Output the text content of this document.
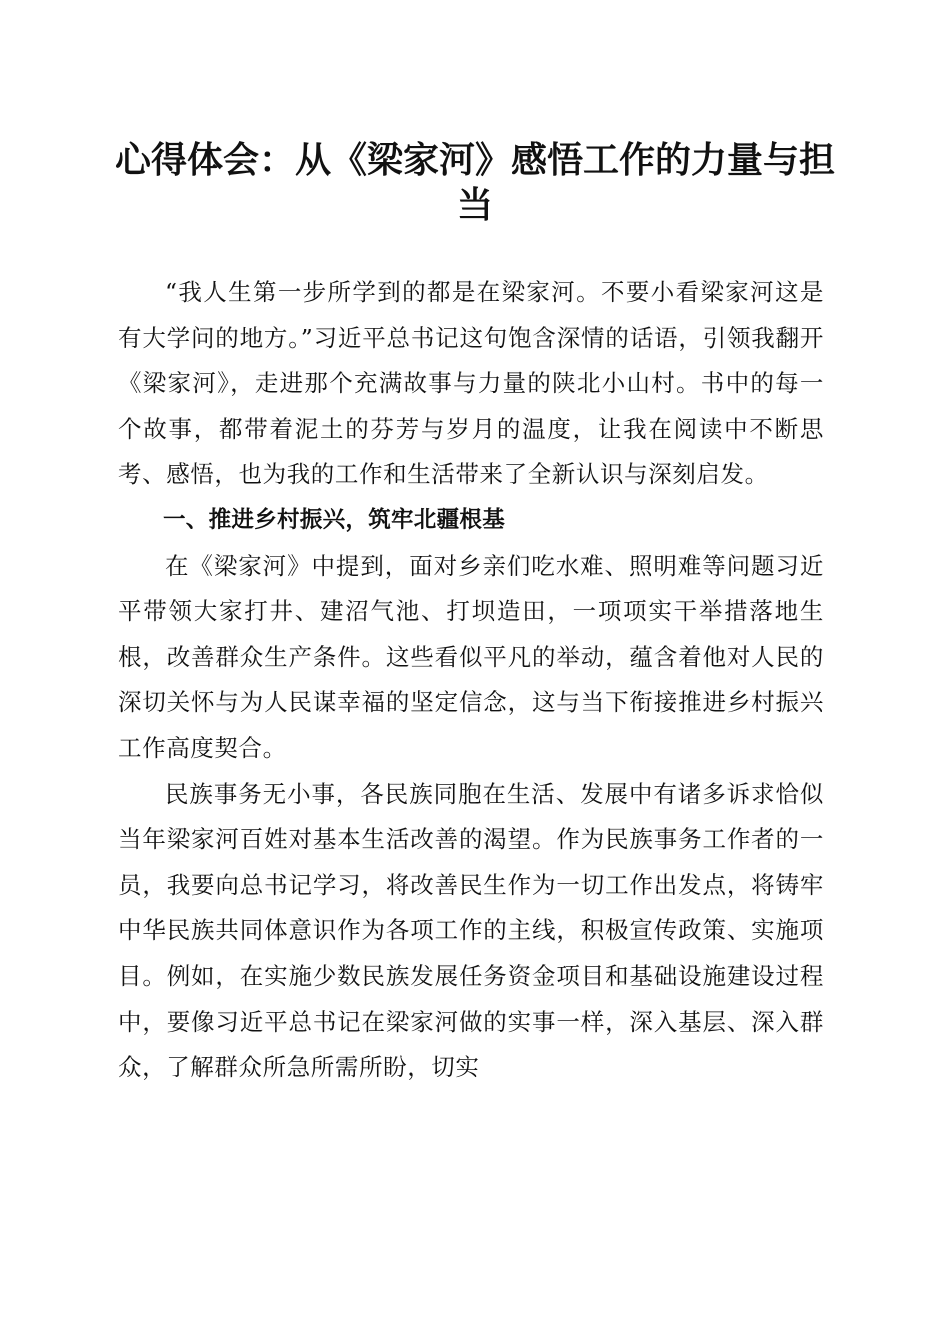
心得体会：从《梁家河》感悟工作的力量与担当

“我人生第一步所学到的都是在梁家河。不要小看梁家河这是有大学问的地方。”习近平总书记这句饱含深情的话语，引领我翻开《梁家河》，走进那个充满故事与力量的陕北小山村。书中的每一个故事，都带着泥土的芬芳与岁月的温度，让我在阅读中不断思考、感悟，也为我的工作和生活带来了全新认识与深刻启发。

一、推进乡村振兴，筑牢北疆根基

在《梁家河》中提到，面对乡亲们吃水难、照明难等问题习近平带领大家打井、建沼气池、打坝造田，一项项实干举措落地生根，改善群众生产条件。这些看似平凡的举动，蕴含着他对人民的深切关怀与为人民谋幸福的坚定信念，这与当下衔接推进乡村振兴工作高度契合。

民族事务无小事，各民族同胞在生活、发展中有诸多诉求恰似当年梁家河百姓对基本生活改善的渴望。作为民族事务工作者的一员，我要向总书记学习，将改善民生作为一切工作出发点，将铸牢中华民族共同体意识作为各项工作的主线，积极宣传政策、实施项目。例如，在实施少数民族发展任务资金项目和基础设施建设过程中，要像习近平总书记在梁家河做的实事一样，深入基层、深入群众，了解群众所急所需所盼，切实
